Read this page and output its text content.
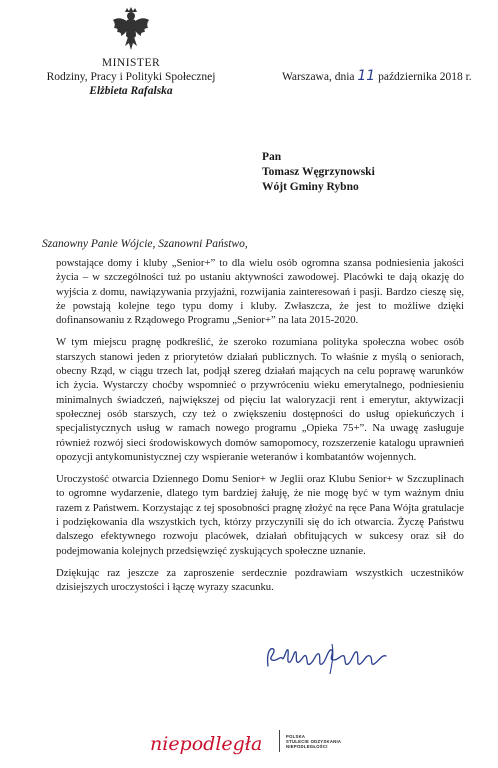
MINISTER
Rodziny, Pracy i Polityki Społecznej
Elżbieta Rafalska
Warszawa, dnia 11 października 2018 r.
Pan
Tomasz Węgrzynowski
Wójt Gminy Rybno
Szanowny Panie Wójcie, Szanowni Państwo,

powstające domy i kluby „Senior+” to dla wielu osób ogromna szansa podniesienia jakości życia – w szczególności tuż po ustaniu aktywności zawodowej. Placówki te dają okazję do wyjścia z domu, nawiązywania przyjaźni, rozwijania zainteresowań i pasji. Bardzo cieszę się, że powstają kolejne tego typu domy i kluby. Zwłaszcza, że jest to możliwe dzięki dofinansowaniu z Rządowego Programu „Senior+” na lata 2015-2020.

W tym miejscu pragnę podkreślić, że szeroko rozumiana polityka społeczna wobec osób starszych stanowi jeden z priorytetów działań publicznych. To właśnie z myślą o seniorach, obecny Rząd, w ciągu trzech lat, podjął szereg działań mających na celu poprawę warunków ich życia. Wystarczy choćby wspomnieć o przywróceniu wieku emerytalnego, podniesieniu minimalnych świadczeń, największej od pięciu lat waloryzacji rent i emerytur, aktywizacji społecznej osób starszych, czy też o zwiększeniu dostępności do usług opiekuńczych i specjalistycznych usług w ramach nowego programu „Opieka 75+”. Na uwagę zasługuje również rozwój sieci środowiskowych domów samopomocy, rozszerzenie katalogu uprawnień opozycji antykomunistycznej czy wspieranie weteranów i kombatantów wojennych.

Uroczystość otwarcia Dziennego Domu Senior+ w Jeglii oraz Klubu Senior+ w Szczuplinach to ogromne wydarzenie, dlatego tym bardziej żałuję, że nie mogę być w tym ważnym dniu razem z Państwem. Korzystając z tej sposobności pragnę złożyć na ręce Pana Wójta gratulacje i podziękowania dla wszystkich tych, którzy przyczynili się do ich otwarcia. Życzę Państwu dalszego efektywnego rozwoju placówek, działań obfitujących w sukcesy oraz sił do podejmowania kolejnych przedsięwzięć zyskujących społeczne uznanie.

Dziękując raz jeszcze za zaproszenie serdecznie pozdrawiam wszystkich uczestników dzisiejszych uroczystości i łączę wyrazy szacunku.

niepodległa	POLSKA
STULECIE ODZYSKANIA
NIEPODLEGŁOŚCI
